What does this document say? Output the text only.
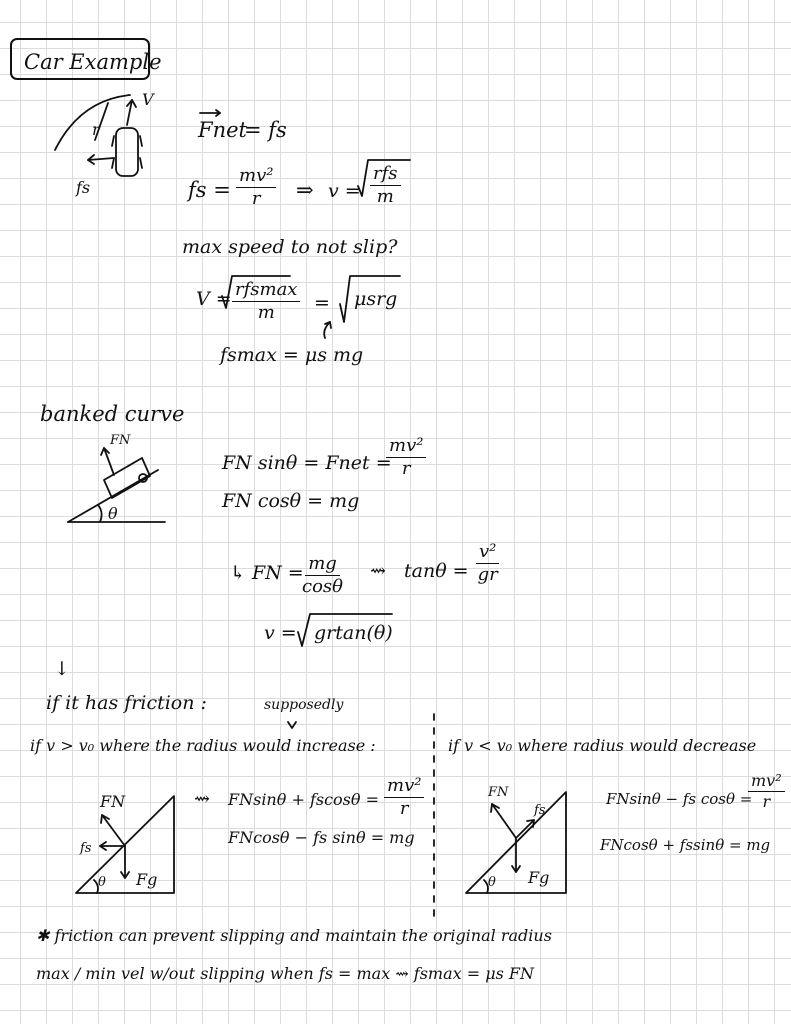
Car Example
V
r
fs
Fnet
= fs
fs = $\frac{\text{mv²}}{r}$ ⇒ v =
rfs
m
max speed to not slip?
V = rfsmax
m = μsrg
fsmax = μs mg
banked curve
FN
θ
FN sinθ = Fnet =
$\frac{\text{mv²}}{r}$
FN cosθ = mg
↳ FN =
$\frac{mg}{\cos\theta}$ ⇝ $\tan\theta = \frac{\text{v²}}{gr}$
v = grtan(θ)
↓
if it has friction :	supposedly
if v > v₀ where the radius would increase :	if v < v₀ where radius would decrease
FN
fs
Fg
θ
⇝ $FNsin\theta + fscos\theta = \frac{\text{mv²}}{r}$
FNcosθ − fs sinθ = mg
FN
fs
Fg
θ
FNsinθ − fs cosθ =
$\frac{\text{mv²}}{r}$
FNcosθ + fssinθ = mg
✱ friction can prevent slipping and maintain the original radius
max / min vel w/out slipping when fs = max ⇝ fsmax = μs FN
